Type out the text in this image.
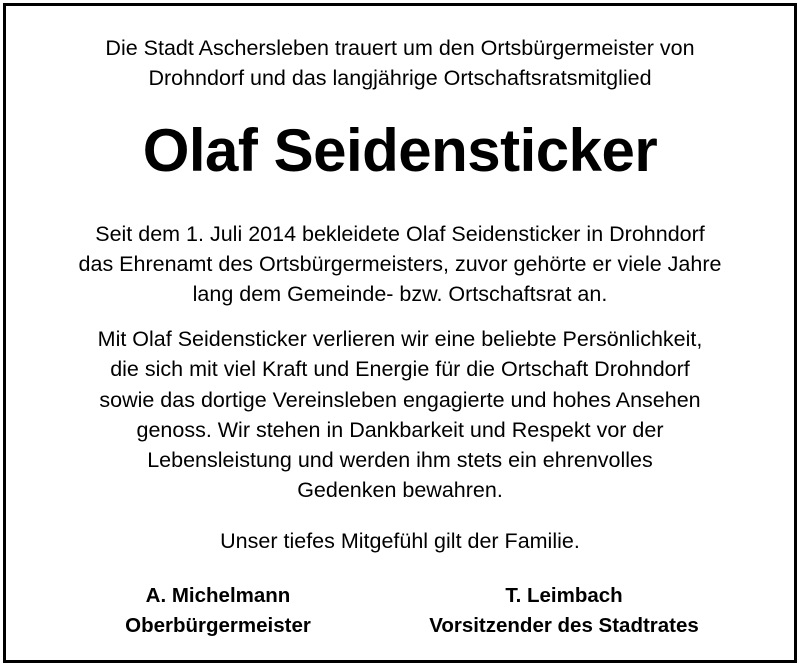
Die Stadt Aschersleben trauert um den Ortsbürgermeister von
Drohndorf und das langjährige Ortschaftsratsmitglied
Olaf Seidensticker
Seit dem 1. Juli 2014 bekleidete Olaf Seidensticker in Drohndorf
das Ehrenamt des Ortsbürgermeisters, zuvor gehörte er viele Jahre
lang dem Gemeinde- bzw. Ortschaftsrat an.
Mit Olaf Seidensticker verlieren wir eine beliebte Persönlichkeit,
die sich mit viel Kraft und Energie für die Ortschaft Drohndorf
sowie das dortige Vereinsleben engagierte und hohes Ansehen
genoss. Wir stehen in Dankbarkeit und Respekt vor der
Lebensleistung und werden ihm stets ein ehrenvolles
Gedenken bewahren.
Unser tiefes Mitgefühl gilt der Familie.
A. Michelmann
Oberbürgermeister
T. Leimbach
Vorsitzender des Stadtrates
